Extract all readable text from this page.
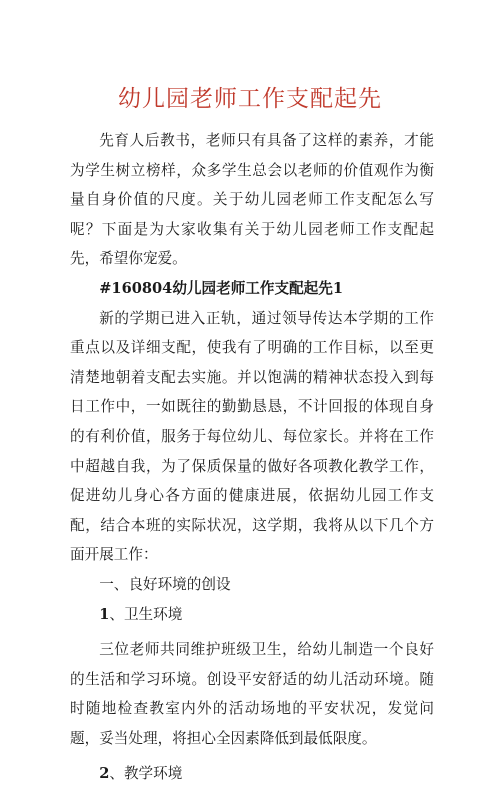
幼儿园老师工作支配起先

先育人后教书，老师只有具备了这样的素养，才能为学生树立榜样，众多学生总会以老师的价值观作为衡量自身价值的尺度。关于幼儿园老师工作支配怎么写呢？下面是为大家收集有关于幼儿园老师工作支配起先，希望你宠爱。

#160804幼儿园老师工作支配起先1

新的学期已进入正轨，通过领导传达本学期的工作重点以及详细支配，使我有了明确的工作目标，以至更清楚地朝着支配去实施。并以饱满的精神状态投入到每日工作中，一如既往的勤勤恳恳，不计回报的体现自身的有利价值，服务于每位幼儿、每位家长。并将在工作中超越自我，为了保质保量的做好各项教化教学工作，促进幼儿身心各方面的健康进展，依据幼儿园工作支配，结合本班的实际状况，这学期，我将从以下几个方面开展工作：

一、良好环境的创设

1、卫生环境

三位老师共同维护班级卫生，给幼儿制造一个良好的生活和学习环境。创设平安舒适的幼儿活动环境。随时随地检查教室内外的活动场地的平安状况，发觉问题，妥当处理，将担心全因素降低到最低限度。

2、教学环境
